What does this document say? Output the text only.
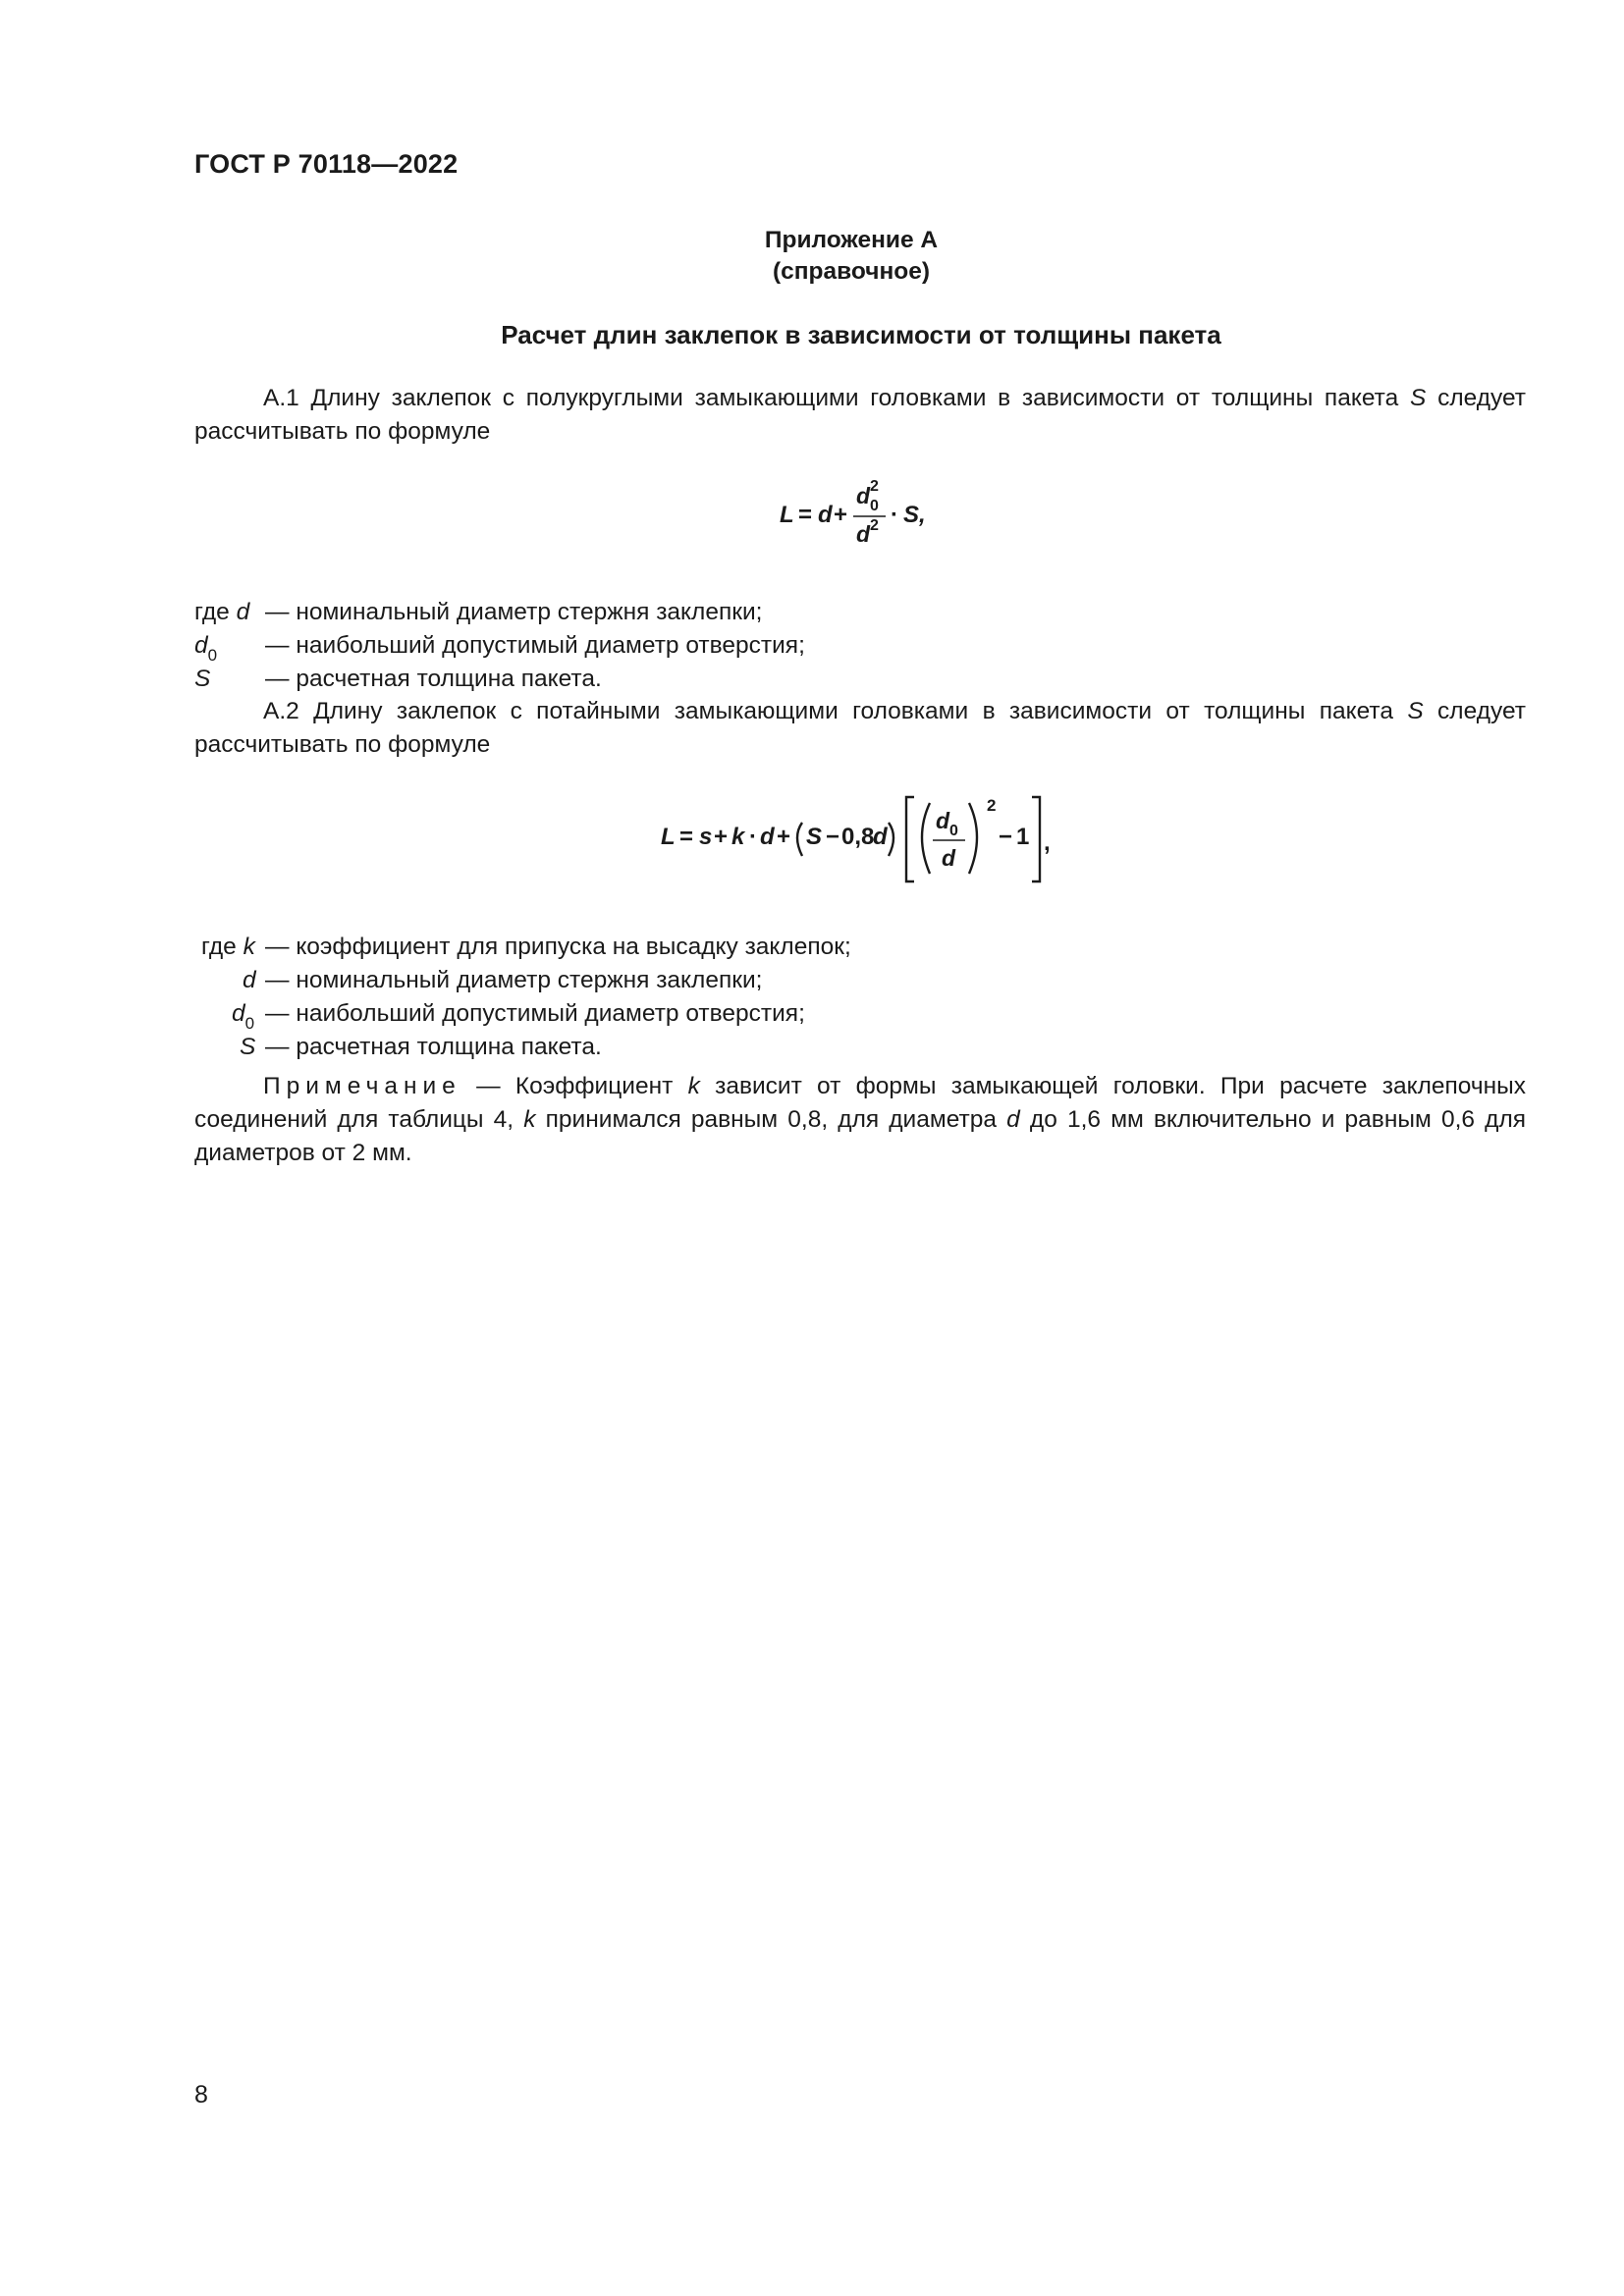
ГОСТ Р 70118—2022
Приложение А
(справочное)
Расчет длин заклепок в зависимости от толщины пакета
А.1 Длину заклепок с полукруглыми замыкающими головками в зависимости от толщины пакета S следует рассчитывать по формуле
L = d +
d 0
2
d 2 · S,
где d — номинальный диаметр стержня заклепки;
$d_0$ — наибольший допустимый диаметр отверстия;
S — расчетная толщина пакета.
А.2 Длину заклепок с потайными замыкающими головками в зависимости от толщины пакета S следует рассчитывать по формуле
L = s + k · d + S − 0,8
d
d 0
d
2
− 1 ,
где k — коэффициент для припуска на высадку заклепок;
d — номинальный диаметр стержня заклепки;
$d_0$ — наибольший допустимый диаметр отверстия;
S — расчетная толщина пакета.
Примечание — Коэффициент k зависит от формы замыкающей головки. При расчете заклепочных соединений для таблицы 4, k принимался равным 0,8, для диаметра d до 1,6 мм включительно и равным 0,6 для диаметров от 2 мм.
8
